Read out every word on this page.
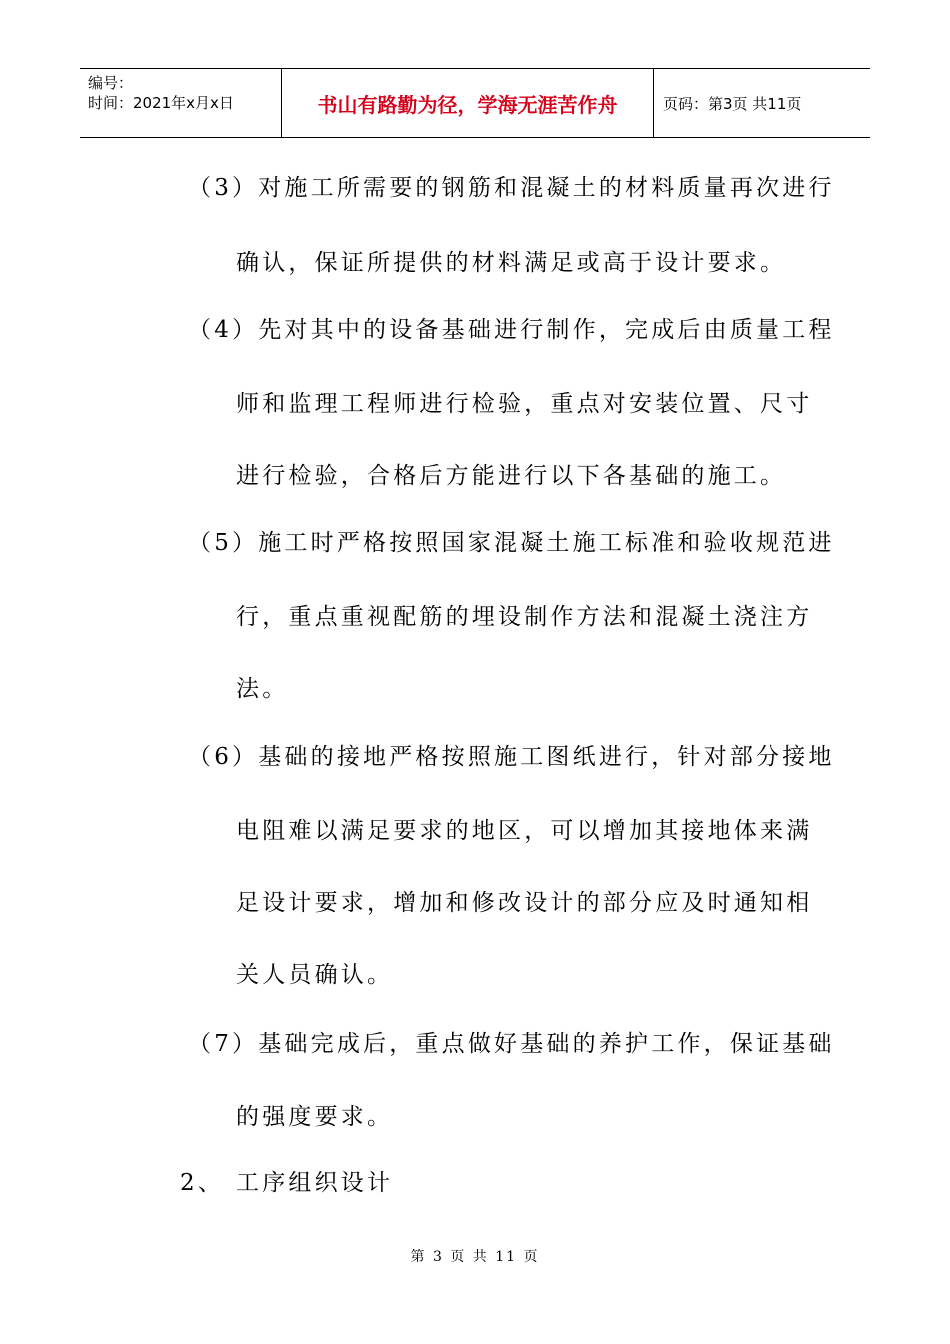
编号：
时间：2021年x月x日	书山有路勤为径，学海无涯苦作舟	页码：第3页 共11页
（3）对施工所需要的钢筋和混凝土的材料质量再次进行
确认，保证所提供的材料满足或高于设计要求。
（4）先对其中的设备基础进行制作，完成后由质量工程
师和监理工程师进行检验，重点对安装位置、尺寸
进行检验，合格后方能进行以下各基础的施工。
（5）施工时严格按照国家混凝土施工标准和验收规范进
行，重点重视配筋的埋设制作方法和混凝土浇注方
法。
（6）基础的接地严格按照施工图纸进行，针对部分接地
电阻难以满足要求的地区，可以增加其接地体来满
足设计要求，增加和修改设计的部分应及时通知相
关人员确认。
（7）基础完成后，重点做好基础的养护工作，保证基础
的强度要求。
2、 工序组织设计
第 3 页 共 11 页
